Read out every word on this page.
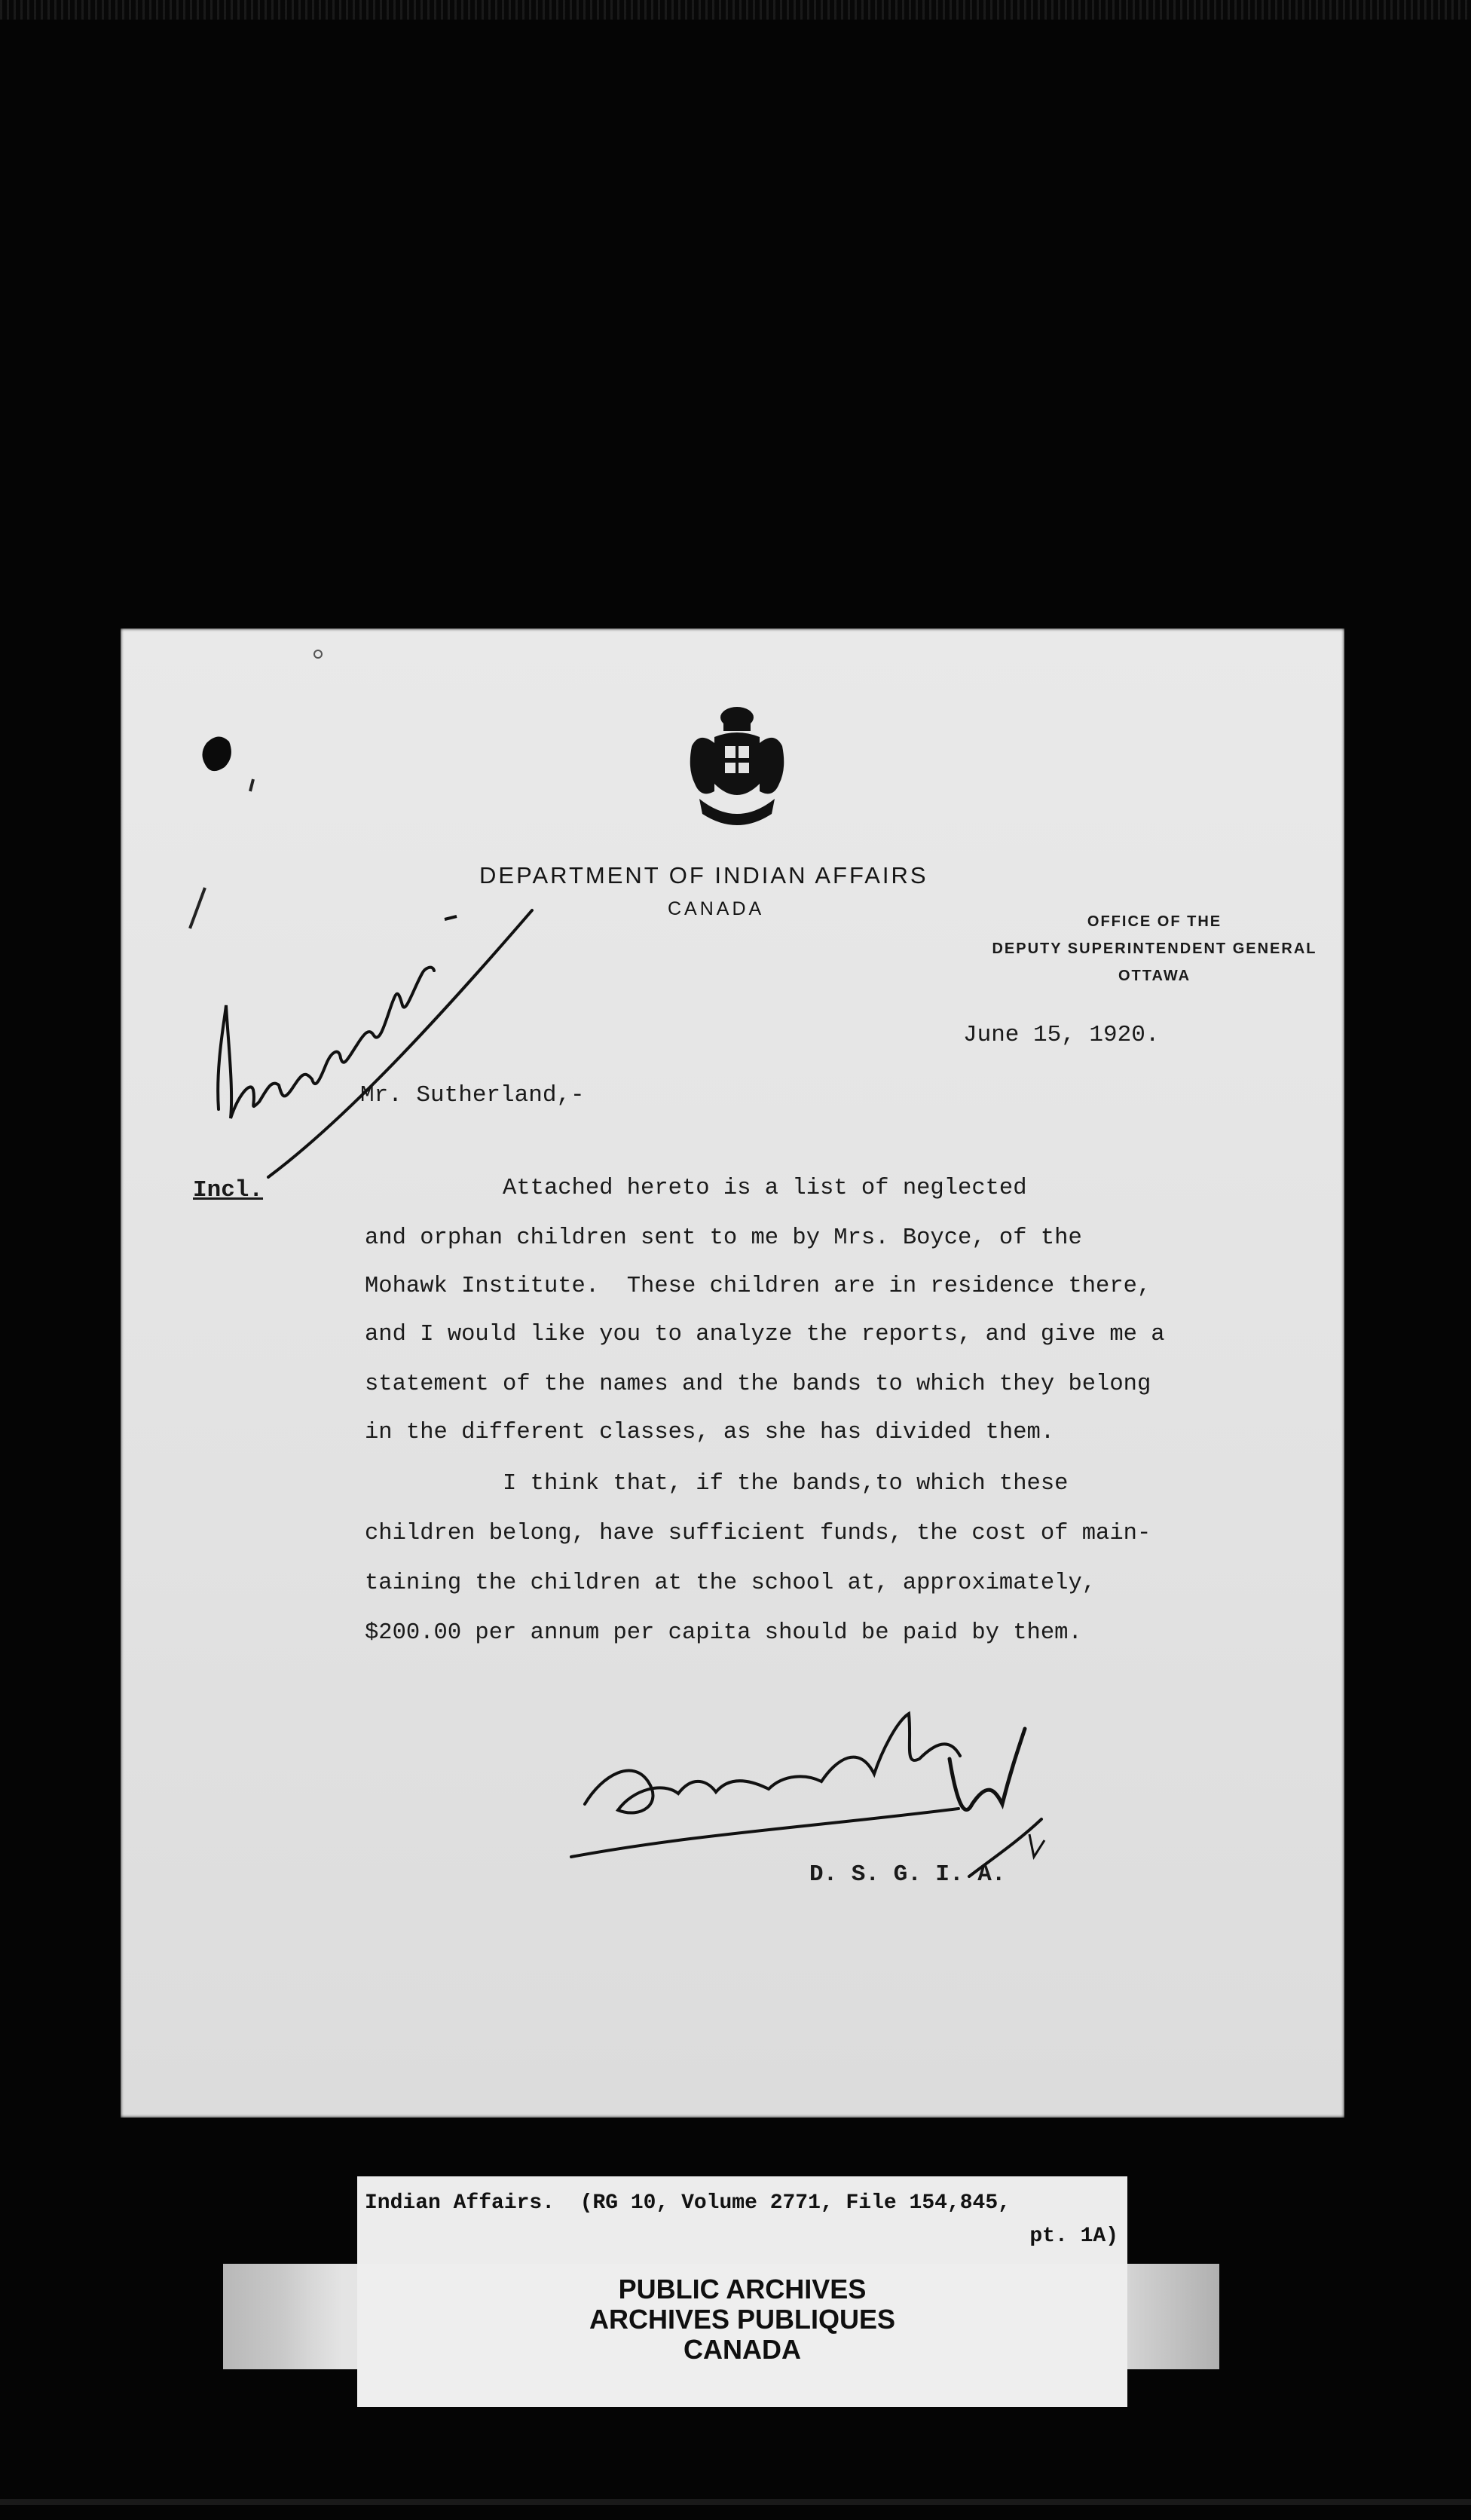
DEPARTMENT OF INDIAN AFFAIRS
CANADA
OFFICE OF THE
DEPUTY SUPERINTENDENT GENERAL
OTTAWA
June 15, 1920.
Mr. Sutherland,-
Incl.	Attached hereto is a list of neglected
and orphan children sent to me by Mrs. Boyce, of the
Mohawk Institute.  These children are in residence there,
and I would like you to analyze the reports, and give me a
statement of the names and the bands to which they belong
in the different classes, as she has divided them.
I think that, if the bands,to which these
children belong, have sufficient funds, the cost of main-
taining the children at the school at, approximately,
$200.00 per annum per capita should be paid by them.
D. S. G. I. A.
Indian Affairs.  (RG 10, Volume 2771, File 154,845,
pt. 1A)
PUBLIC ARCHIVES
ARCHIVES PUBLIQUES
CANADA
